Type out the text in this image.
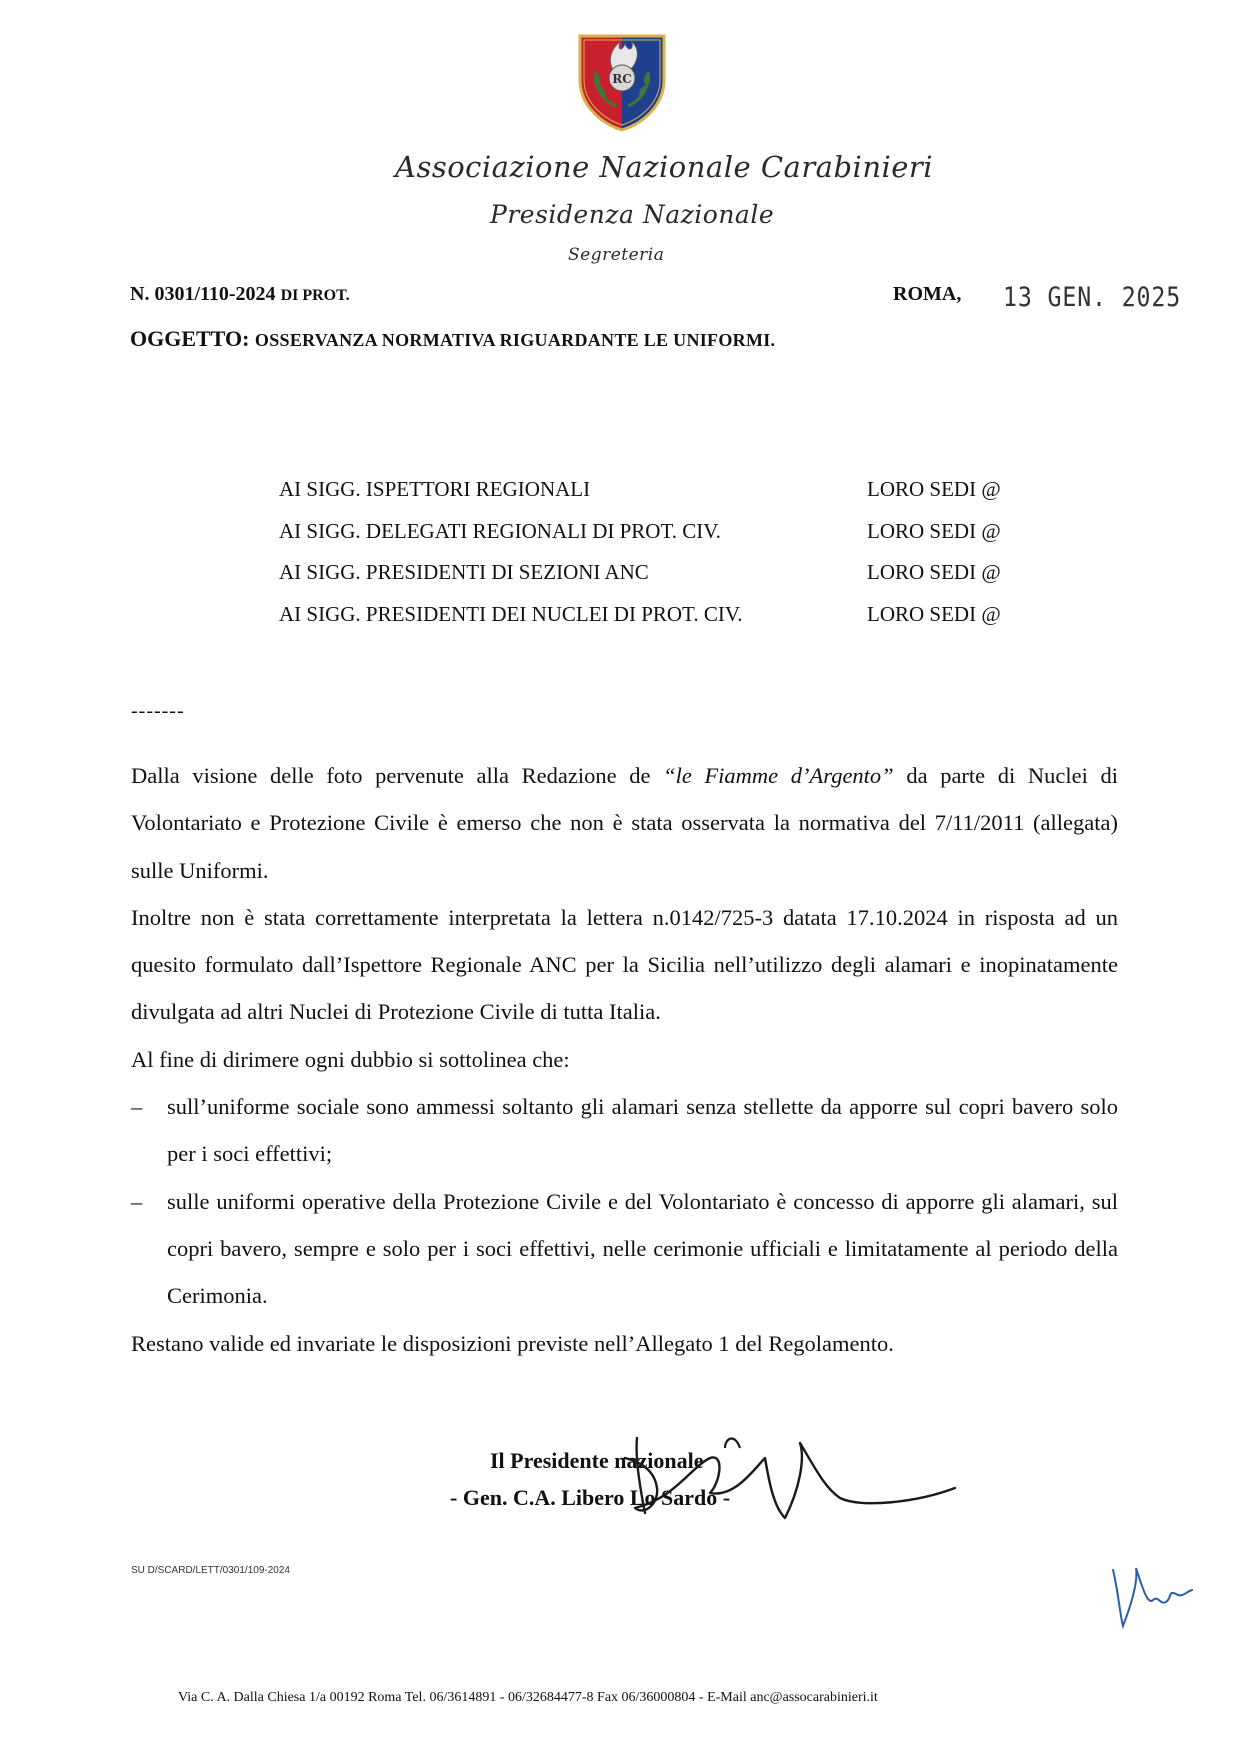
RC
Associazione Nazionale Carabinieri
Presidenza Nazionale
Segreteria
N. 0301/110-2024 DI PROT.	ROMA, 13 GEN. 2025
OGGETTO: OSSERVANZA NORMATIVA RIGUARDANTE LE UNIFORMI.
AI SIGG. ISPETTORI REGIONALI	LORO SEDI @
AI SIGG. DELEGATI REGIONALI DI PROT. CIV.	LORO SEDI @
AI SIGG. PRESIDENTI DI SEZIONI ANC	LORO SEDI @
AI SIGG. PRESIDENTI DEI NUCLEI DI PROT. CIV.	LORO SEDI @
-------

Dalla visione delle foto pervenute alla Redazione de “le Fiamme d’Argento” da parte di Nuclei di Volontariato e Protezione Civile è emerso che non è stata osservata la normativa del 7/11/2011 (allegata) sulle Uniformi.

Inoltre non è stata correttamente interpretata la lettera n.0142/725-3 datata 17.10.2024 in risposta ad un quesito formulato dall’Ispettore Regionale ANC per la Sicilia nell’utilizzo degli alamari e inopinatamente divulgata ad altri Nuclei di Protezione Civile di tutta Italia.

Al fine di dirimere ogni dubbio si sottolinea che:

– sull’uniforme sociale sono ammessi soltanto gli alamari senza stellette da apporre sul copri bavero solo per i soci effettivi;
– sulle uniformi operative della Protezione Civile e del Volontariato è concesso di apporre gli alamari, sul copri bavero, sempre e solo per i soci effettivi, nelle cerimonie ufficiali e limitatamente al periodo della Cerimonia.

Restano valide ed invariate le disposizioni previste nell’Allegato 1 del Regolamento.

Il Presidente nazionale
- Gen. C.A. Libero Lo Sardo -
SU D/SCARD/LETT/0301/109-2024
Via C. A. Dalla Chiesa 1/a 00192 Roma Tel. 06/3614891 - 06/32684477-8 Fax 06/36000804 - E-Mail anc@assocarabinieri.it
